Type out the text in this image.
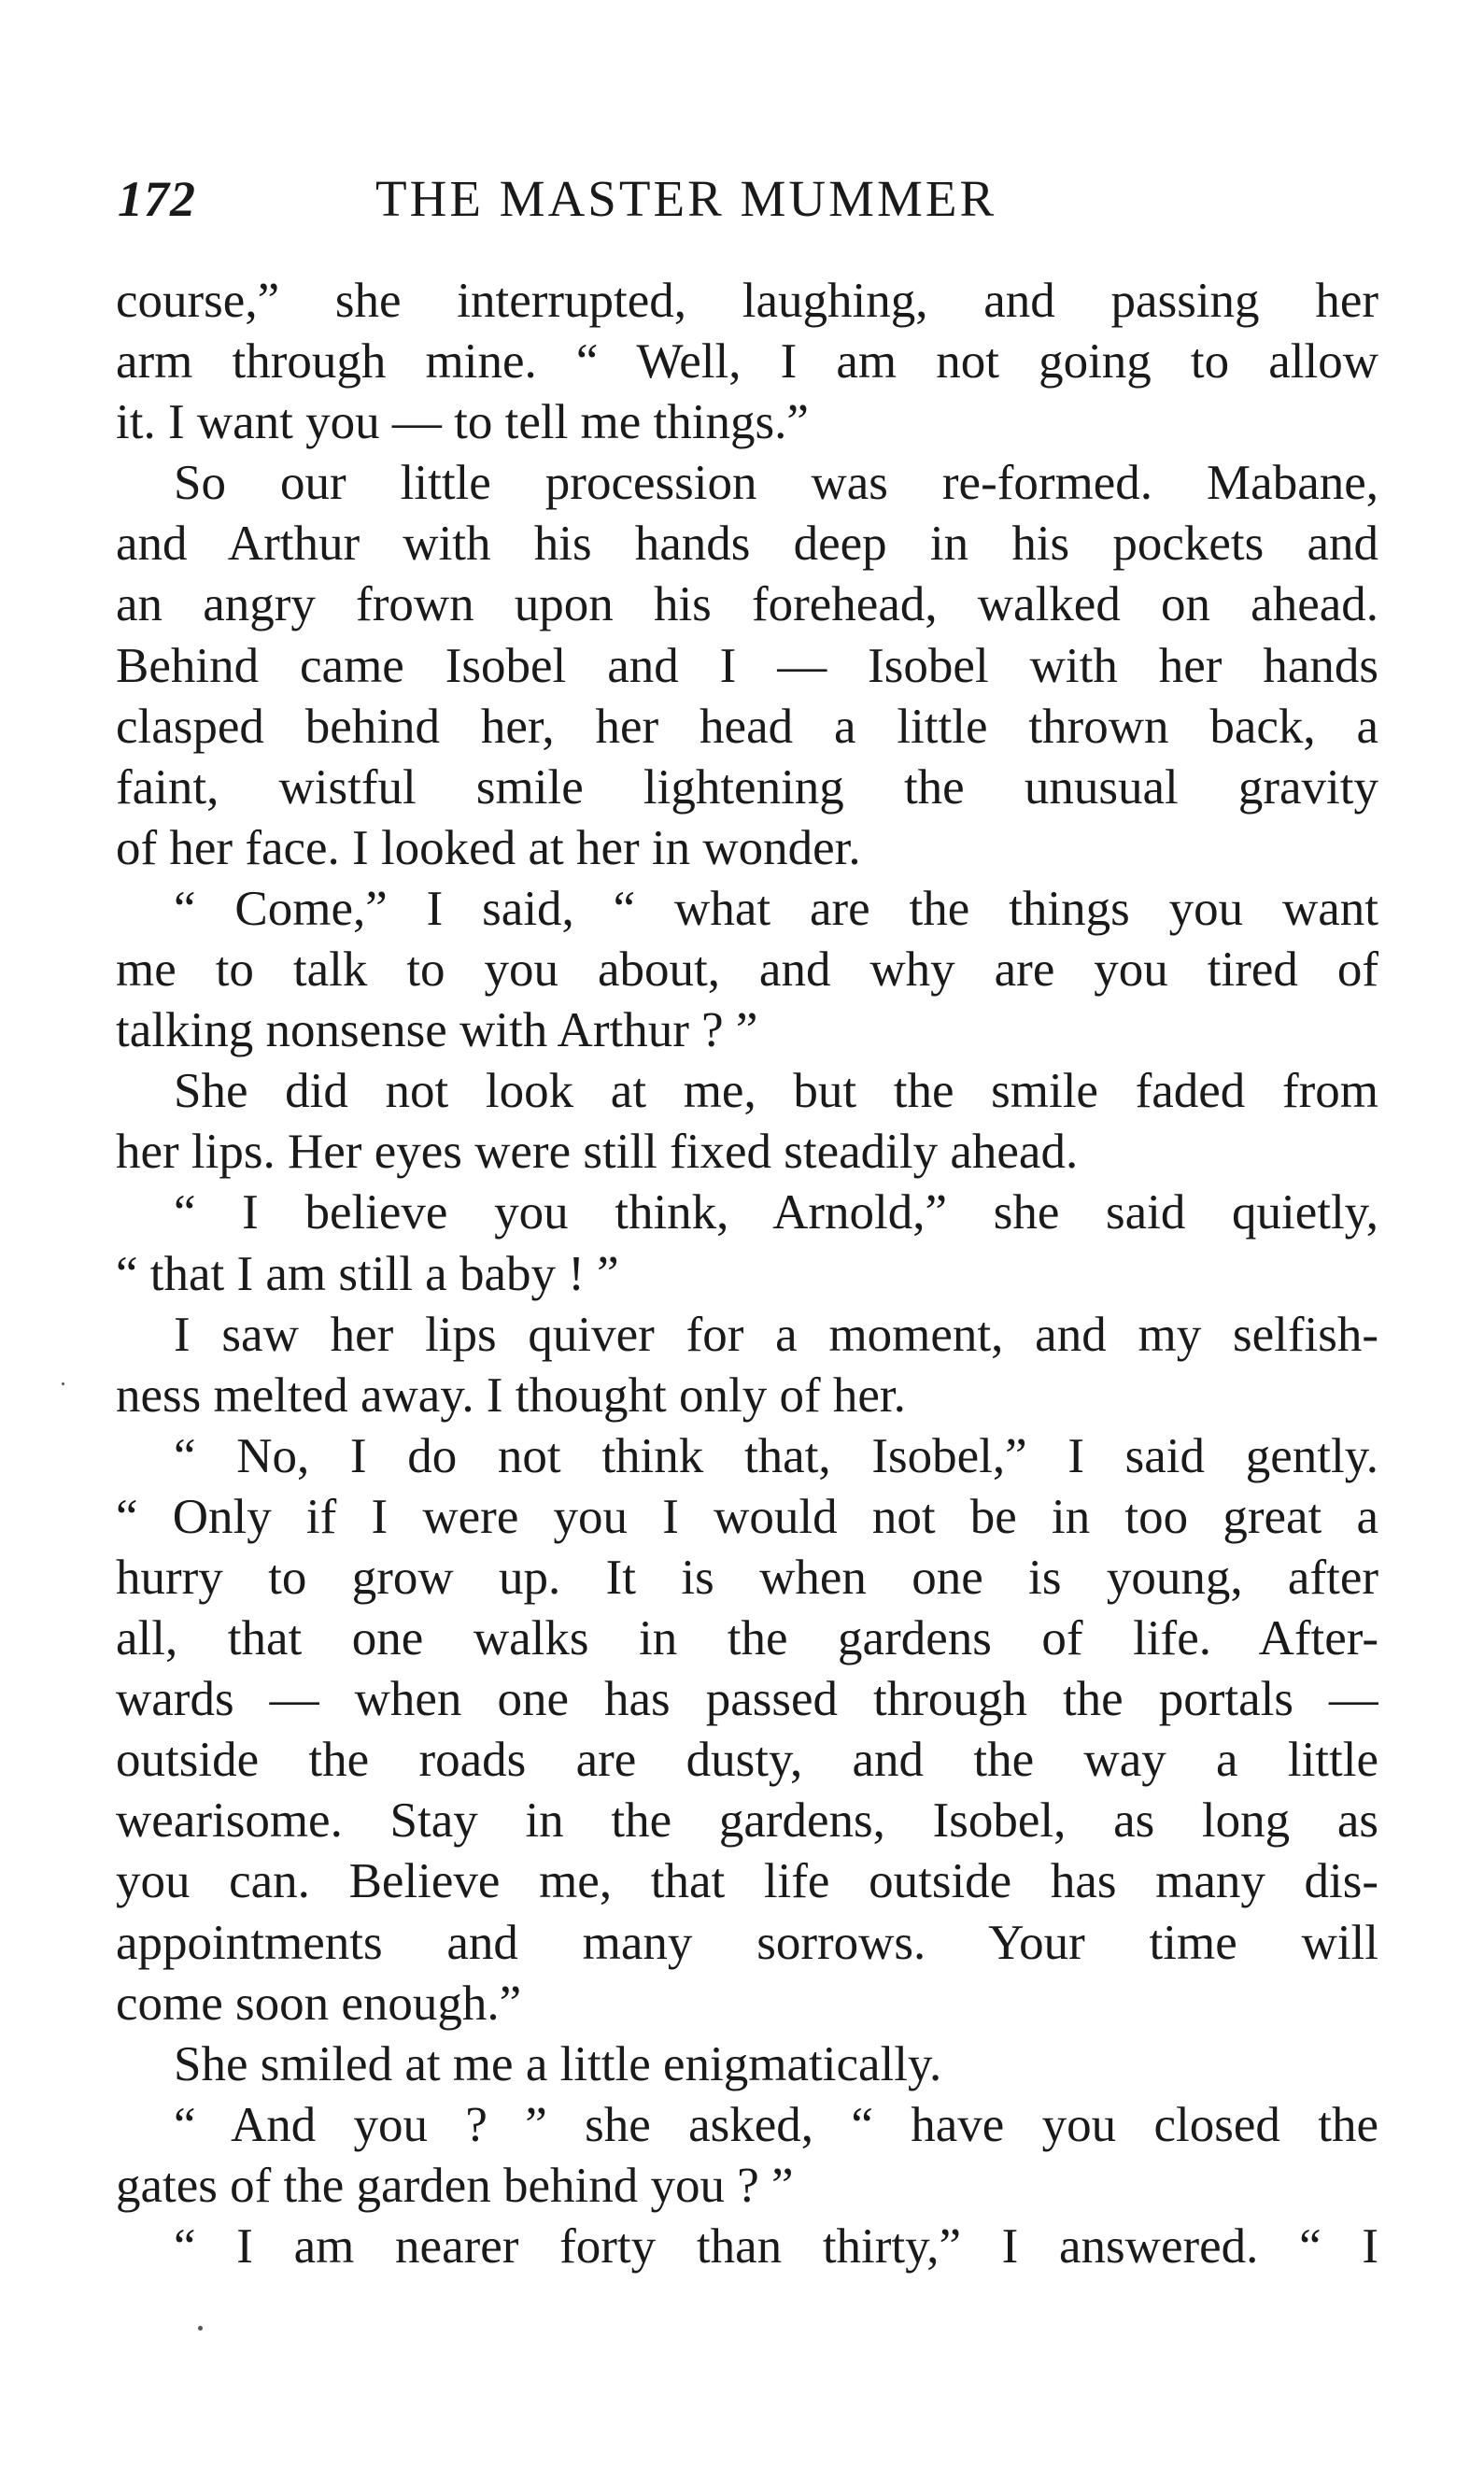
172	THE MASTER MUMMER
course,” she interrupted, laughing, and passing her
arm through mine. “ Well, I am not going to allow
it. I want you — to tell me things.”
So our little procession was re-formed. Mabane,
and Arthur with his hands deep in his pockets and
an angry frown upon his forehead, walked on ahead.
Behind came Isobel and I — Isobel with her hands
clasped behind her, her head a little thrown back, a
faint, wistful smile lightening the unusual gravity
of her face. I looked at her in wonder.
“ Come,” I said, “ what are the things you want
me to talk to you about, and why are you tired of
talking nonsense with Arthur ? ”
She did not look at me, but the smile faded from
her lips. Her eyes were still fixed steadily ahead.
“ I believe you think, Arnold,” she said quietly,
“ that I am still a baby ! ”
I saw her lips quiver for a moment, and my selfish-
ness melted away. I thought only of her.
“ No, I do not think that, Isobel,” I said gently.
“ Only if I were you I would not be in too great a
hurry to grow up. It is when one is young, after
all, that one walks in the gardens of life. After-
wards — when one has passed through the portals —
outside the roads are dusty, and the way a little
wearisome. Stay in the gardens, Isobel, as long as
you can. Believe me, that life outside has many dis-
appointments and many sorrows. Your time will
come soon enough.”
She smiled at me a little enigmatically.
“ And you ? ” she asked, “ have you closed the
gates of the garden behind you ? ”
“ I am nearer forty than thirty,” I answered. “ I
